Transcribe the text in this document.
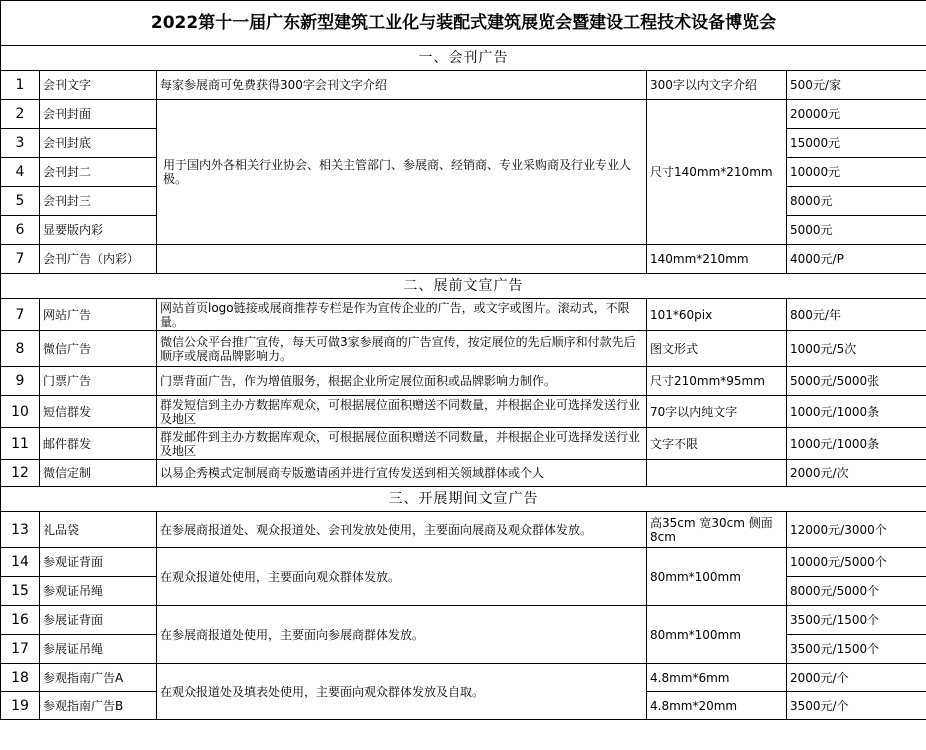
2022第十一届广东新型建筑工业化与装配式建筑展览会暨建设工程技术设备博览会				
一、会刊广告				
1	会刊文字	每家参展商可免费获得300字会刊文字介绍	300字以内文字介绍	500元/家
2	会刊封面	用于国内外各相关行业协会、相关主管部门、参展商、经销商、专业采购商及行业专业人极。	尺寸140mm*210mm	20000元
3	会刊封底			15000元
4	会刊封二			10000元
5	会刊封三			8000元
6	显要版内彩			5000元
7	会刊广告（内彩）		140mm*210mm	4000元/P
二、展前文宣广告				
7	网站广告	网站首页logo链接或展商推荐专栏是作为宣传企业的广告，或文字或图片。滚动式，不限量。	101*60pix	800元/年
8	微信广告	微信公众平台推广宣传，每天可做3家参展商的广告宣传，按定展位的先后顺序和付款先后顺序或展商品牌影响力。	图文形式	1000元/5次
9	门票广告	门票背面广告，作为增值服务，根据企业所定展位面积或品牌影响力制作。	尺寸210mm*95mm	5000元/5000张
10	短信群发	群发短信到主办方数据库观众，可根据展位面积赠送不同数量，并根据企业可选择发送行业及地区	70字以内纯文字	1000元/1000条
11	邮件群发	群发邮件到主办方数据库观众，可根据展位面积赠送不同数量，并根据企业可选择发送行业及地区	文字不限	1000元/1000条
12	微信定制	以易企秀模式定制展商专版邀请函并进行宣传发送到相关领域群体或个人		2000元/次
三、开展期间文宣广告				
13	礼品袋	在参展商报道处、观众报道处、会刊发放处使用，主要面向展商及观众群体发放。	高35cm 宽30cm 侧面8cm	12000元/3000个
14	参观证背面	在观众报道处使用，主要面向观众群体发放。	80mm*100mm	10000元/5000个
15	参观证吊绳			8000元/5000个
16	参展证背面	在参展商报道处使用，主要面向参展商群体发放。	80mm*100mm	3500元/1500个
17	参展证吊绳			3500元/1500个
18	参观指南广告A	在观众报道处及填表处使用，主要面向观众群体发放及自取。	4.8mm*6mm	2000元/个
19	参观指南广告B		4.8mm*20mm	3500元/个
